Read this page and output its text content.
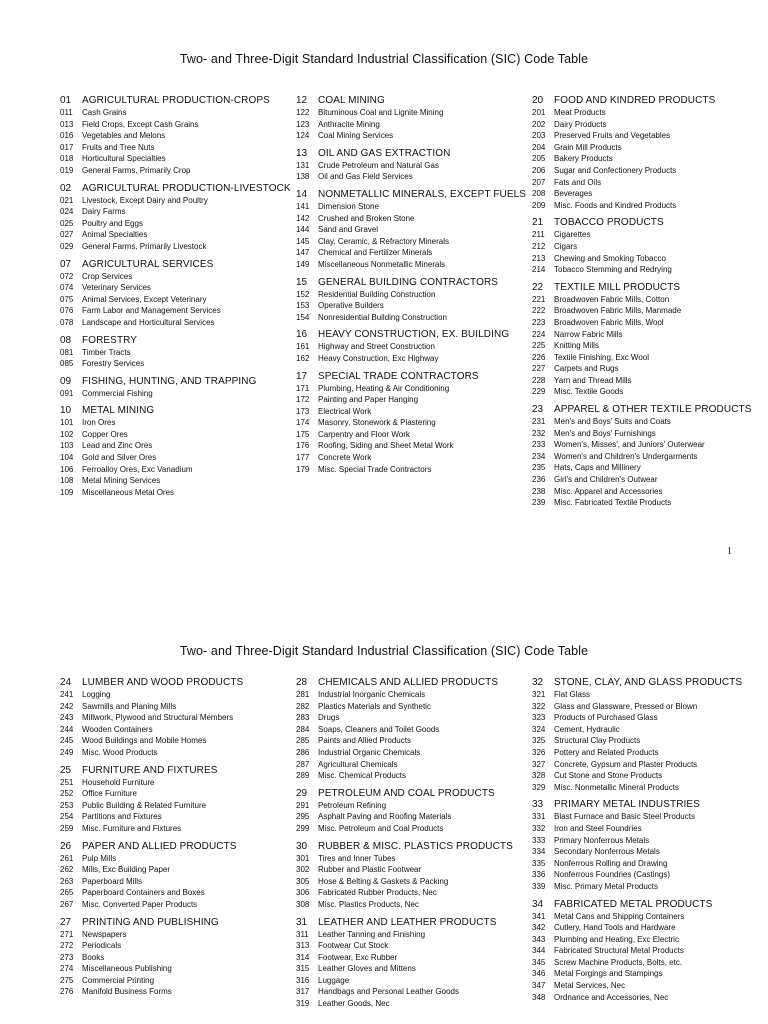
Two- and Three-Digit Standard Industrial Classification (SIC) Code Table
01	AGRICULTURAL PRODUCTION-CROPS
011	Cash Grains
013	Field Crops, Except Cash Grains
016	Vegetables and Melons
017	Fruits and Tree Nuts
018	Horticultural Specialties
019	General Farms, Primarily Crop
02	AGRICULTURAL PRODUCTION-LIVESTOCK
021	Livestock, Except Dairy and Poultry
024	Dairy Farms
025	Poultry and Eggs
027	Animal Specialties
029	General Farms, Primarily Livestock
07	AGRICULTURAL SERVICES
072	Crop Services
074	Veterinary Services
075	Animal Services, Except Veterinary
076	Farm Labor and Management Services
078	Landscape and Horticultural Services
08	FORESTRY
081	Timber Tracts
085	Forestry Services
09	FISHING, HUNTING, AND TRAPPING
091	Commercial Fishing
10	METAL MINING
101	Iron Ores
102	Copper Ores
103	Lead and Zinc Ores
104	Gold and Silver Ores
106	Ferroalloy Ores, Exc Vanadium
108	Metal Mining Services
109	Miscellaneous Metal Ores
12	COAL MINING
122	Bituminous Coal and Lignite Mining
123	Anthracite Mining
124	Coal Mining Services
13	OIL AND GAS EXTRACTION
131	Crude Petroleum and Natural Gas
138	Oil and Gas Field Services
14	NONMETALLIC MINERALS, EXCEPT FUELS
141	Dimension Stone
142	Crushed and Broken Stone
144	Sand and Gravel
145	Clay, Ceramic, & Refractory Minerals
147	Chemical and Fertilizer Minerals
149	Miscellaneous Nonmetallic Minerals
15	GENERAL BUILDING CONTRACTORS
152	Residential Building Construction
153	Operative Builders
154	Nonresidential Building Construction
16	HEAVY CONSTRUCTION, EX. BUILDING
161	Highway and Street Construction
162	Heavy Construction, Exc Highway
17	SPECIAL TRADE CONTRACTORS
171	Plumbing, Heating & Air Conditioning
172	Painting and Paper Hanging
173	Electrical Work
174	Masonry, Stonework & Plastering
175	Carpentry and Floor Work
176	Roofing, Siding and Sheet Metal Work
177	Concrete Work
179	Misc. Special Trade Contractors
20	FOOD AND KINDRED PRODUCTS
201	Meat Products
202	Dairy Products
203	Preserved Fruits and Vegetables
204	Grain Mill Products
205	Bakery Products
206	Sugar and Confectionery Products
207	Fats and Oils
208	Beverages
209	Misc. Foods and Kindred Products
21	TOBACCO PRODUCTS
211	Cigarettes
212	Cigars
213	Chewing and Smoking Tobacco
214	Tobacco Stemming and Redrying
22	TEXTILE MILL PRODUCTS
221	Broadwoven Fabric Mills, Cotton
222	Broadwoven Fabric Mills, Manmade
223	Broadwoven Fabric Mills, Wool
224	Narrow Fabric Mills
225	Knitting Mills
226	Textile Finishing, Exc Wool
227	Carpets and Rugs
228	Yarn and Thread Mills
229	Misc. Textile Goods
23	APPAREL & OTHER TEXTILE PRODUCTS
231	Men's and Boys' Suits and Coats
232	Men's and Boys' Furnishings
233	Women's, Misses', and Juniors' Outerwear
234	Women's and Children's Undergarments
235	Hats, Caps and Millinery
236	Girl's and Children's Outwear
238	Misc. Apparel and Accessories
239	Misc. Fabricated Textile Products
1
Two- and Three-Digit Standard Industrial Classification (SIC) Code Table
24	LUMBER AND WOOD PRODUCTS
241	Logging
242	Sawmills and Planing Mills
243	Millwork, Plywood and Structural Members
244	Wooden Containers
245	Wood Buildings and Mobile Homes
249	Misc. Wood Products
25	FURNITURE AND FIXTURES
251	Household Furniture
252	Office Furniture
253	Public Building & Related Furniture
254	Partitions and Fixtures
259	Misc. Furniture and Fixtures
26	PAPER AND ALLIED PRODUCTS
261	Pulp Mills
262	Mills, Exc Building Paper
263	Paperboard Mills
265	Paperboard Containers and Boxes
267	Misc. Converted Paper Products
27	PRINTING AND PUBLISHING
271	Newspapers
272	Periodicals
273	Books
274	Miscellaneous Publishing
275	Commercial Printing
276	Manifold Business Forms
28	CHEMICALS AND ALLIED PRODUCTS
281	Industrial Inorganic Chemicals
282	Plastics Materials and Synthetic
283	Drugs
284	Soaps, Cleaners and Toilet Goods
285	Paints and Allied Products
286	Industrial Organic Chemicals
287	Agricultural Chemicals
289	Misc. Chemical Products
29	PETROLEUM AND COAL PRODUCTS
291	Petroleum Refining
295	Asphalt Paving and Roofing Materials
299	Misc. Petroleum and Coal Products
30	RUBBER & MISC. PLASTICS PRODUCTS
301	Tires and Inner Tubes
302	Rubber and Plastic Footwear
305	Hose & Belting & Gaskets & Packing
306	Fabricated Rubber Products, Nec
308	Misc. Plastics Products, Nec
31	LEATHER AND LEATHER PRODUCTS
311	Leather Tanning and Finishing
313	Footwear Cut Stock
314	Footwear, Exc Rubber
315	Leather Gloves and Mittens
316	Luggage
317	Handbags and Personal Leather Goods
319	Leather Goods, Nec
32	STONE, CLAY, AND GLASS PRODUCTS
321	Flat Glass
322	Glass and Glassware, Pressed or Blown
323	Products of Purchased Glass
324	Cement, Hydraulic
325	Structural Clay Products
326	Pottery and Related Products
327	Concrete, Gypsum and Plaster Products
328	Cut Stone and Stone Products
329	Misc. Nonmetallic Mineral Products
33	PRIMARY METAL INDUSTRIES
331	Blast Furnace and Basic Steel Products
332	Iron and Steel Foundries
333	Primary Nonferrous Metals
334	Secondary Nonferrous Metals
335	Nonferrous Rolling and Drawing
336	Nonferrous Foundries (Castings)
339	Misc. Primary Metal Products
34	FABRICATED METAL PRODUCTS
341	Metal Cans and Shipping Containers
342	Cutlery, Hand Tools and Hardware
343	Plumbing and Heating, Exc Electric
344	Fabricated Structural Metal Products
345	Screw Machine Products, Bolts, etc.
346	Metal Forgings and Stampings
347	Metal Services, Nec
348	Ordnance and Accessories, Nec
